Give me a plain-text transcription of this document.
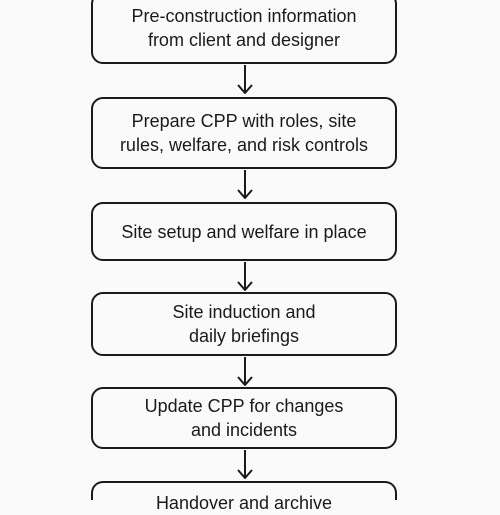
Pre-construction information
from client and designer
Prepare CPP with roles, site
rules, welfare, and risk controls
Site setup and welfare in place
Site induction and
daily briefings
Update CPP for changes
and incidents
Handover and archive
